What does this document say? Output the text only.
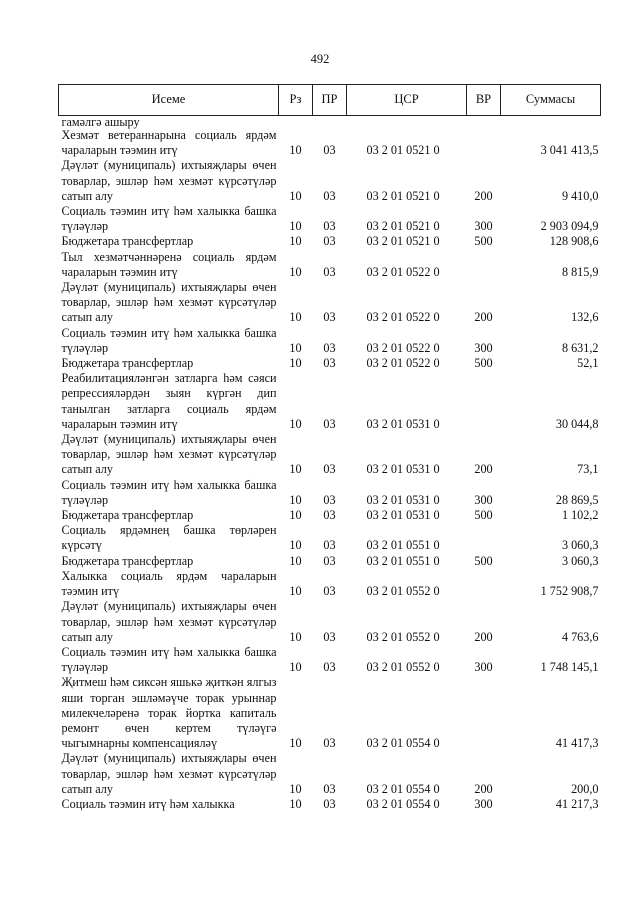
492
Исеме	Рз	ПР	ЦСР	ВР	Суммасы
гамәлгә ашыру					
Хезмәт ветераннарына социаль ярдәм чараларын тәэмин итү	10	03	03 2 01 0521 0		3 041 413,5
Дәүләт (муниципаль) ихтыяҗлары өчен товарлар, эшләр һәм хезмәт күрсәтүләр сатып алу	10	03	03 2 01 0521 0	200	9 410,0
Социаль тәэмин итү һәм халыкка башка түләүләр	10	03	03 2 01 0521 0	300	2 903 094,9
Бюджетара трансфертлар	10	03	03 2 01 0521 0	500	128 908,6
Тыл хезмәтчәннәренә социаль ярдәм чараларын тәэмин итү	10	03	03 2 01 0522 0		8 815,9
Дәүләт (муниципаль) ихтыяҗлары өчен товарлар, эшләр һәм хезмәт күрсәтүләр сатып алу	10	03	03 2 01 0522 0	200	132,6
Социаль тәэмин итү һәм халыкка башка түләүләр	10	03	03 2 01 0522 0	300	8 631,2
Бюджетара трансфертлар	10	03	03 2 01 0522 0	500	52,1
Реабилитацияләнгән затларга һәм сәяси репрессияләрдән зыян күргән дип танылган затларга социаль ярдәм чараларын тәэмин итү	10	03	03 2 01 0531 0		30 044,8
Дәүләт (муниципаль) ихтыяҗлары өчен товарлар, эшләр һәм хезмәт күрсәтүләр сатып алу	10	03	03 2 01 0531 0	200	73,1
Социаль тәэмин итү һәм халыкка башка түләүләр	10	03	03 2 01 0531 0	300	28 869,5
Бюджетара трансфертлар	10	03	03 2 01 0531 0	500	1 102,2
Социаль ярдәмнең башка төрләрен күрсәтү	10	03	03 2 01 0551 0		3 060,3
Бюджетара трансфертлар	10	03	03 2 01 0551 0	500	3 060,3
Халыкка социаль ярдәм чараларын тәэмин итү	10	03	03 2 01 0552 0		1 752 908,7
Дәүләт (муниципаль) ихтыяҗлары өчен товарлар, эшләр һәм хезмәт күрсәтүләр сатып алу	10	03	03 2 01 0552 0	200	4 763,6
Социаль тәэмин итү һәм халыкка башка түләүләр	10	03	03 2 01 0552 0	300	1 748 145,1
Җитмеш һәм сиксән яшькә җиткән ялгыз яши торган эшләмәүче торак урыннар милекчеләренә торак йортка капиталь ремонт өчен кертем түләүгә чыгымнарны компенсацияләү	10	03	03 2 01 0554 0		41 417,3
Дәүләт (муниципаль) ихтыяҗлары өчен товарлар, эшләр һәм хезмәт күрсәтүләр сатып алу	10	03	03 2 01 0554 0	200	200,0
Социаль тәэмин итү һәм халыкка	10	03	03 2 01 0554 0	300	41 217,3
